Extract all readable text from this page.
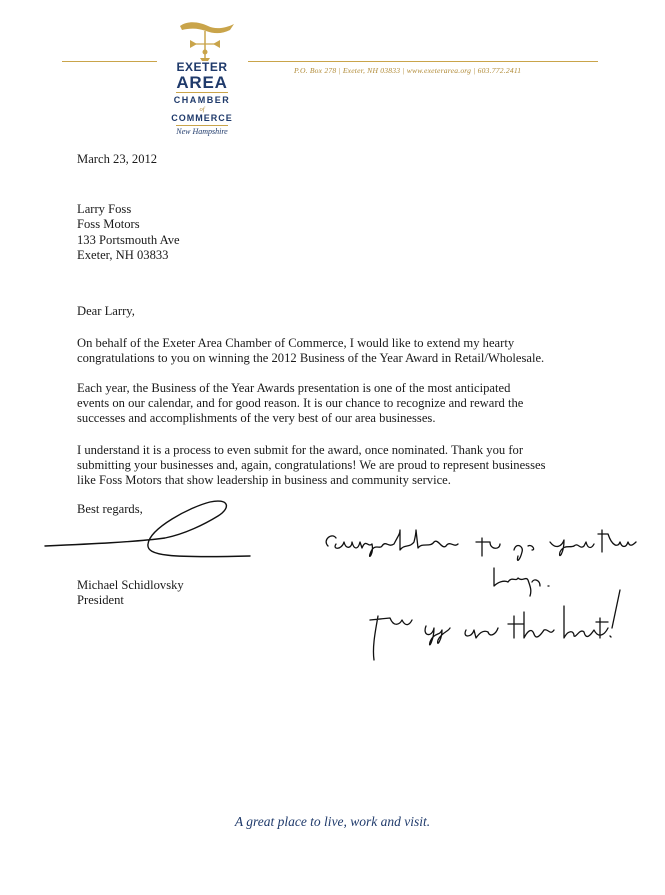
P.O. Box 278 | Exeter, NH 03833 | www.exeterarea.org | 603.772.2411
EXETER
AREA
CHAMBER
of
COMMERCE
New Hampshire
March 23, 2012
Larry Foss
Foss Motors
133 Portsmouth Ave
Exeter, NH 03833
Dear Larry,
On behalf of the Exeter Area Chamber of Commerce, I would like to extend my hearty
congratulations to you on winning the 2012 Business of the Year Award in Retail/Wholesale.
Each year, the Business of the Year Awards presentation is one of the most anticipated
events on our calendar, and for good reason. It is our chance to recognize and reward the
successes and accomplishments of the very best of our area businesses.
I understand it is a process to even submit for the award, once nominated. Thank you for
submitting your businesses and, again, congratulations! We are proud to represent businesses
like Foss Motors that show leadership in business and community service.
Best regards,
Michael Schidlovsky
President
A great place to live, work and visit.
